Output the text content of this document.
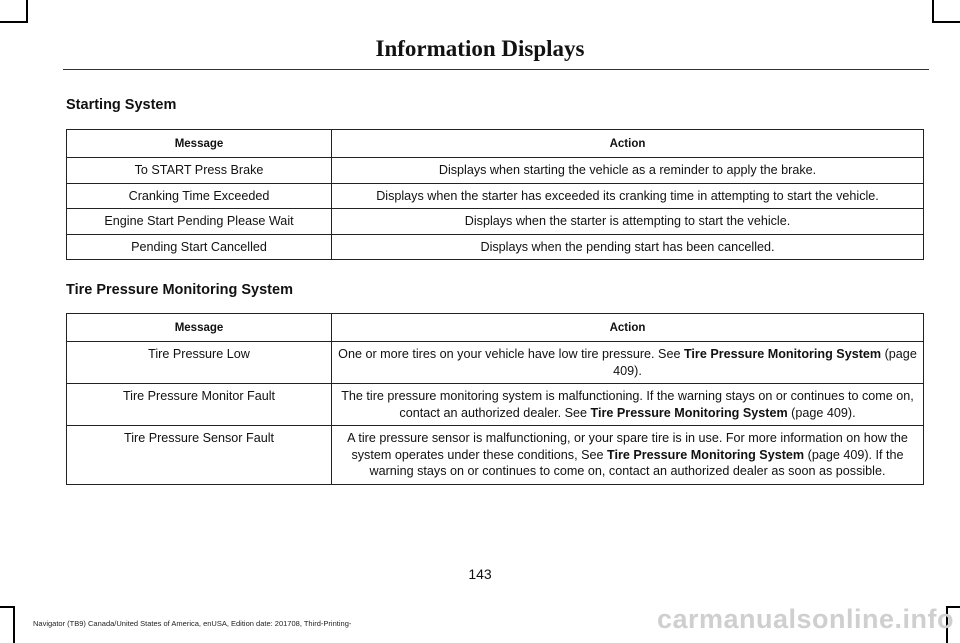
Information Displays
Starting System
Message	Action
To START Press Brake	Displays when starting the vehicle as a reminder to apply the brake.
Cranking Time Exceeded	Displays when the starter has exceeded its cranking time in attempting to start the vehicle.
Engine Start Pending Please Wait	Displays when the starter is attempting to start the vehicle.
Pending Start Cancelled	Displays when the pending start has been cancelled.
Tire Pressure Monitoring System
Message	Action
Tire Pressure Low	One or more tires on your vehicle have low tire pressure. See Tire Pressure Monitoring System (page 409).
Tire Pressure Monitor Fault	The tire pressure monitoring system is malfunctioning. If the warning stays on or continues to come on, contact an authorized dealer. See Tire Pressure Monitoring System (page 409).
Tire Pressure Sensor Fault	A tire pressure sensor is malfunctioning, or your spare tire is in use. For more information on how the system operates under these conditions, See Tire Pressure Monitoring System (page 409). If the warning stays on or continues to come on, contact an authorized dealer as soon as possible.
143
Navigator (TB9) Canada/United States of America, enUSA, Edition date: 201708, Third-Printing-	carmanualsonline.info
